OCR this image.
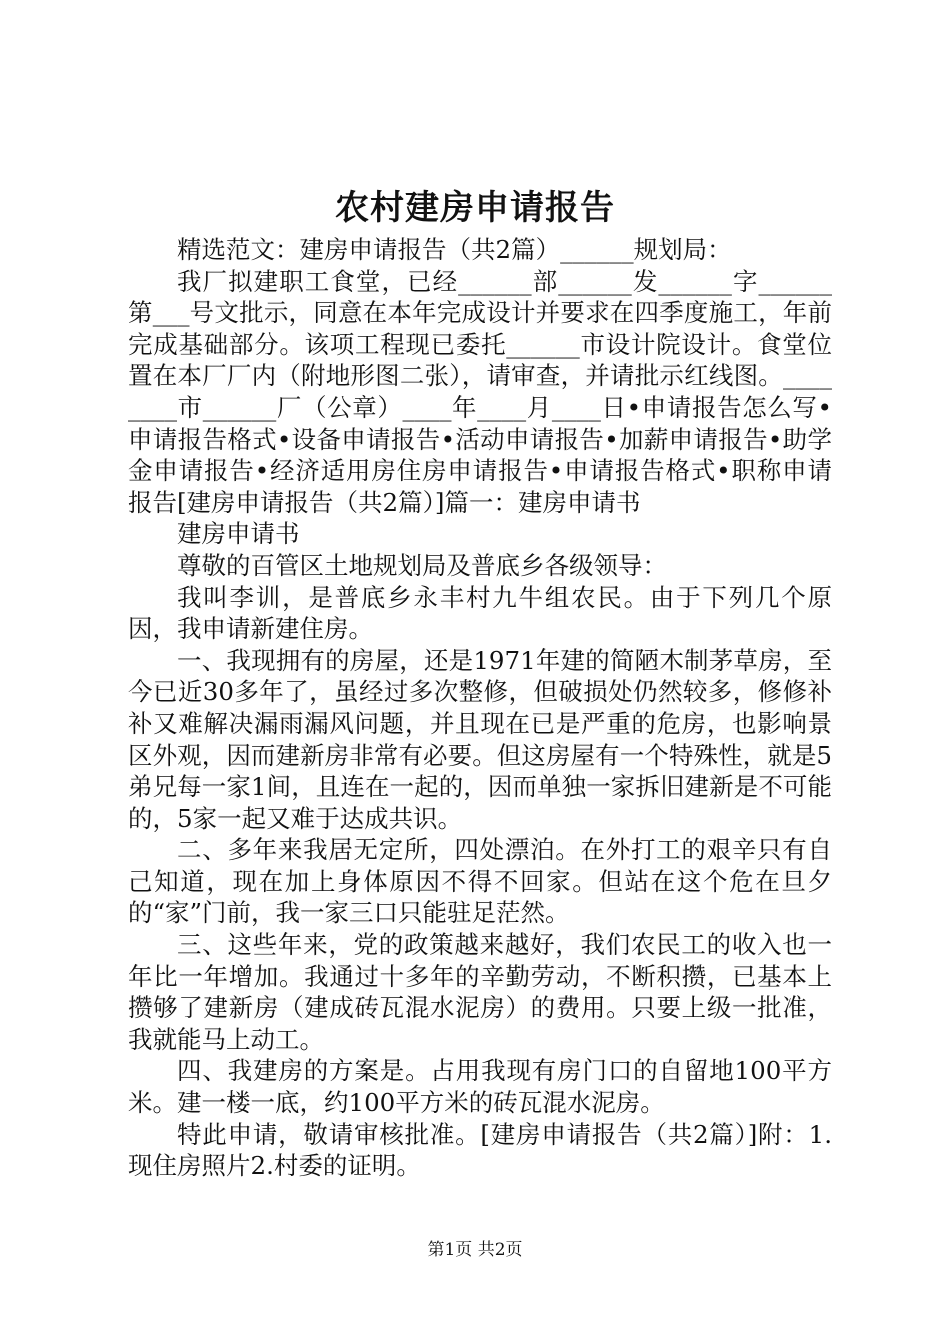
农村建房申请报告

精选范文：建房申请报告（共2篇）______规划局：

我厂拟建职工食堂，已经______部______发______字______第___号文批示，同意在本年完成设计并要求在四季度施工，年前完成基础部分。该项工程现已委托______市设计院设计。食堂位置在本厂厂内（附地形图二张），请审查，并请批示红线图。________市______厂（公章）____年____月____日•申请报告怎么写•申请报告格式•设备申请报告•活动申请报告•加薪申请报告•助学金申请报告•经济适用房住房申请报告•申请报告格式•职称申请报告[建房申请报告（共2篇）]篇一：建房申请书

建房申请书

尊敬的百管区土地规划局及普底乡各级领导：

我叫李训，是普底乡永丰村九牛组农民。由于下列几个原因，我申请新建住房。

一、我现拥有的房屋，还是1971年建的简陋木制茅草房，至今已近30多年了，虽经过多次整修，但破损处仍然较多，修修补补又难解决漏雨漏风问题，并且现在已是严重的危房，也影响景区外观，因而建新房非常有必要。但这房屋有一个特殊性，就是5弟兄每一家1间，且连在一起的，因而单独一家拆旧建新是不可能的，5家一起又难于达成共识。

二、多年来我居无定所，四处漂泊。在外打工的艰辛只有自己知道，现在加上身体原因不得不回家。但站在这个危在旦夕的“家”门前，我一家三口只能驻足茫然。

三、这些年来，党的政策越来越好，我们农民工的收入也一年比一年增加。我通过十多年的辛勤劳动，不断积攒，已基本上攒够了建新房（建成砖瓦混水泥房）的费用。只要上级一批准，我就能马上动工。

四、我建房的方案是。占用我现有房门口的自留地100平方米。建一楼一底，约100平方米的砖瓦混水泥房。

特此申请，敬请审核批准。[建房申请报告（共2篇）]附：1.现住房照片2.村委的证明。

第1页 共2页
